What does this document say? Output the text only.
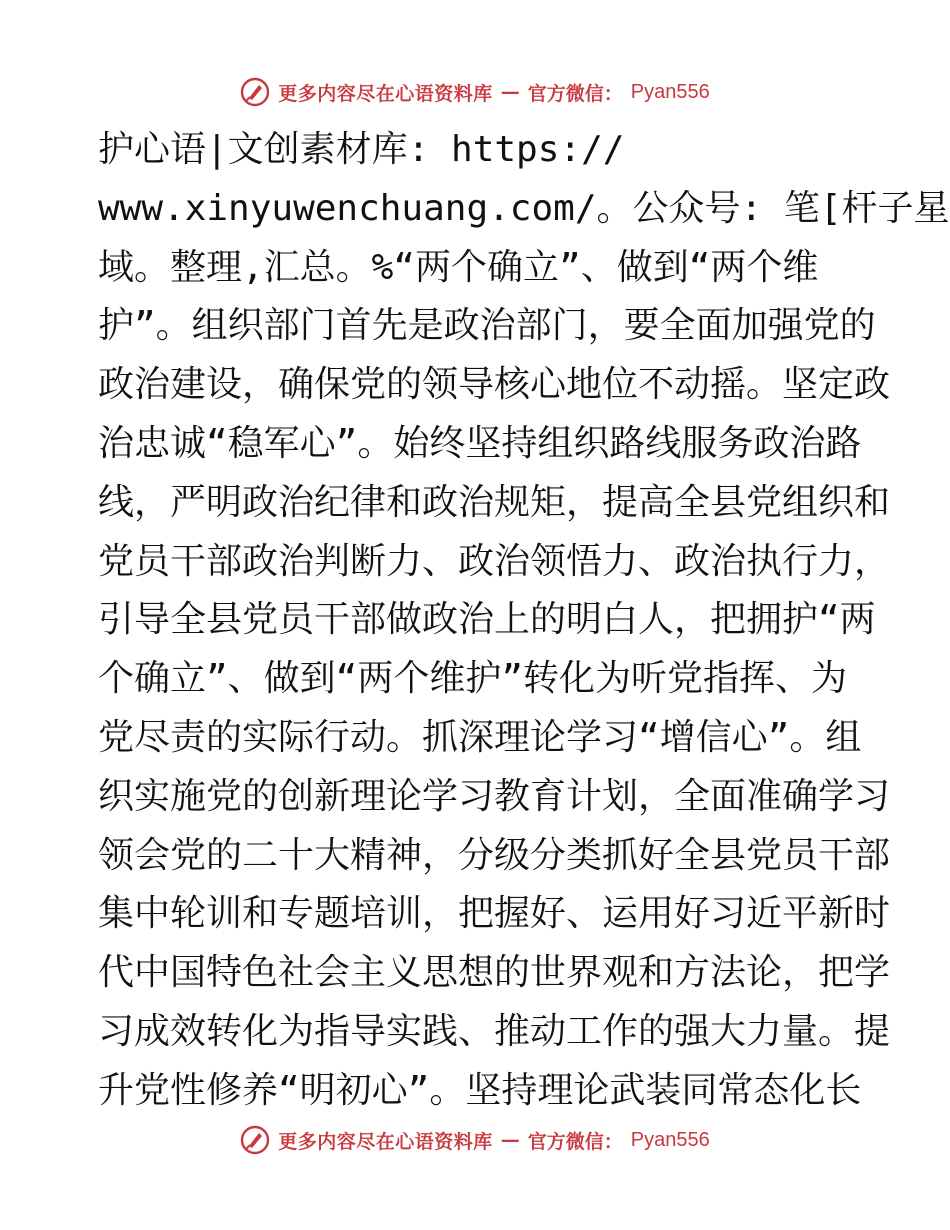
更多内容尽在心语资料库 — 官方微信： Pyan556
护心语|文创素材库: https://
www.xinyuwenchuang.com/。公众号: 笔[杆子星
域。整理,汇总。%“两个确立”、做到“两个维
护”。组织部门首先是政治部门，要全面加强党的
政治建设，确保党的领导核心地位不动摇。坚定政
治忠诚“稳军心”。始终坚持组织路线服务政治路
线，严明政治纪律和政治规矩，提高全县党组织和
党员干部政治判断力、政治领悟力、政治执行力，
引导全县党员干部做政治上的明白人，把拥护“两
个确立”、做到“两个维护”转化为听党指挥、为
党尽责的实际行动。抓深理论学习“增信心”。组
织实施党的创新理论学习教育计划，全面准确学习
领会党的二十大精神，分级分类抓好全县党员干部
集中轮训和专题培训，把握好、运用好习近平新时
代中国特色社会主义思想的世界观和方法论，把学
习成效转化为指导实践、推动工作的强大力量。提
升党性修养“明初心”。坚持理论武装同常态化长
更多内容尽在心语资料库 — 官方微信： Pyan556
